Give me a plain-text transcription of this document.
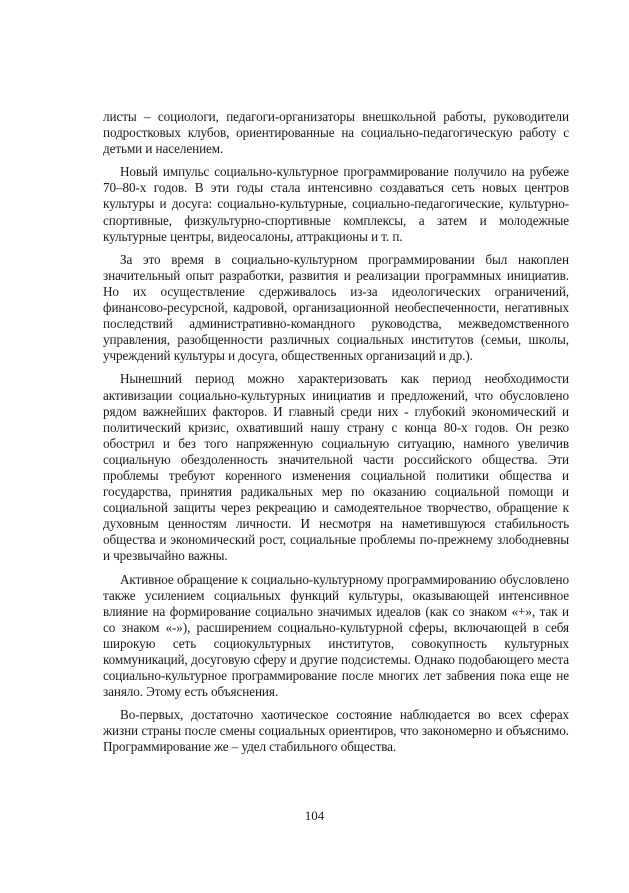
листы – социологи, педагоги-организаторы внешкольной работы, руководители подростковых клубов, ориентированные на социально-педагогическую работу с детьми и населением.

Новый импульс социально-культурное программирование получило на рубеже 70–80-х годов. В эти годы стала интенсивно создаваться сеть новых центров культуры и досуга: социально-культурные, социально-педагогические, культурно-спортивные, физкультурно-спортивные комплексы, а затем и молодежные культурные центры, видеосалоны, аттракционы и т. п.

За это время в социально-культурном программировании был накоплен значительный опыт разработки, развития и реализации программных инициатив. Но их осуществление сдерживалось из-за идеологических ограничений, финансово-ресурсной, кадровой, организационной необеспеченности, негативных последствий административно-командного руководства, межведомственного управления, разобщенности различных социальных институтов (семьи, школы, учреждений культуры и досуга, общественных организаций и др.).

Нынешний период можно характеризовать как период необходимости активизации социально-культурных инициатив и предложений, что обусловлено рядом важнейших факторов. И главный среди них - глубокий экономический и политический кризис, охвативший нашу страну с конца 80-х годов. Он резко обострил и без того напряженную социальную ситуацию, намного увеличив социальную обездоленность значительной части российского общества. Эти проблемы требуют коренного изменения социальной политики общества и государства, принятия радикальных мер по оказанию социальной помощи и социальной защиты через рекреацию и самодеятельное творчество, обращение к духовным ценностям личности. И несмотря на наметившуюся стабильность общества и экономический рост, социальные проблемы по-прежнему злободневны и чрезвычайно важны.

Активное обращение к социально-культурному программированию обусловлено также усилением социальных функций культуры, оказывающей интенсивное влияние на формирование социально значимых идеалов (как со знаком «+», так и со знаком «-»), расширением социально-культурной сферы, включающей в себя широкую сеть социокультурных институтов, совокупность культурных коммуникаций, досуговую сферу и другие подсистемы. Однако подобающего места социально-культурное программирование после многих лет забвения пока еще не заняло. Этому есть объяснения.

Во-первых, достаточно хаотическое состояние наблюдается во всех сферах жизни страны после смены социальных ориентиров, что закономерно и объяснимо. Программирование же – удел стабильного общества.

104
